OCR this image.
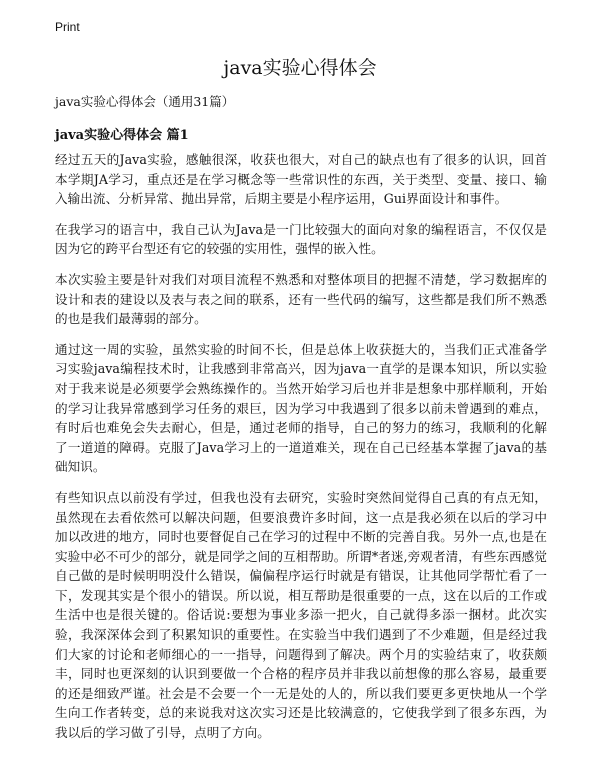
Print
java实验心得体会
java实验心得体会（通用31篇）
java实验心得体会 篇1

经过五天的Java实验，感触很深，收获也很大，对自己的缺点也有了很多的认识，回首本学期JA学习，重点还是在学习概念等一些常识性的东西，关于类型、变量、接口、输入输出流、分析异常、抛出异常，后期主要是小程序运用，Gui界面设计和事件。

在我学习的语言中，我自己认为Java是一门比较强大的面向对象的编程语言，不仅仅是因为它的跨平台型还有它的较强的实用性，强悍的嵌入性。

本次实验主要是针对我们对项目流程不熟悉和对整体项目的把握不清楚，学习数据库的设计和表的建设以及表与表之间的联系，还有一些代码的编写，这些都是我们所不熟悉的也是我们最薄弱的部分。

通过这一周的实验，虽然实验的时间不长，但是总体上收获挺大的，当我们正式准备学习实验java编程技术时，让我感到非常高兴，因为java一直学的是课本知识，所以实验对于我来说是必须要学会熟练操作的。当然开始学习后也并非是想象中那样顺利，开始的学习让我异常感到学习任务的艰巨，因为学习中我遇到了很多以前未曾遇到的难点，有时后也难免会失去耐心，但是，通过老师的指导，自己的努力的练习，我顺利的化解了一道道的障碍。克服了Java学习上的一道道难关，现在自己已经基本掌握了java的基础知识。

有些知识点以前没有学过，但我也没有去研究，实验时突然间觉得自己真的有点无知，虽然现在去看依然可以解决问题，但要浪费许多时间，这一点是我必须在以后的学习中加以改进的地方，同时也要督促自己在学习的过程中不断的完善自我。另外一点,也是在实验中必不可少的部分，就是同学之间的互相帮助。所谓*者迷,旁观者清，有些东西感觉自己做的是时候明明没什么错误，偏偏程序运行时就是有错误，让其他同学帮忙看了一下，发现其实是个很小的错误。所以说，相互帮助是很重要的一点，这在以后的工作或生活中也是很关键的。俗话说:要想为事业多添一把火，自己就得多添一捆材。此次实验，我深深体会到了积累知识的重要性。在实验当中我们遇到了不少难题，但是经过我们大家的讨论和老师细心的一一指导，问题得到了解决。两个月的实验结束了，收获颇丰，同时也更深刻的认识到要做一个合格的程序员并非我以前想像的那么容易，最重要的还是细致严谨。社会是不会要一个一无是处的人的，所以我们要更多更快地从一个学生向工作者转变，总的来说我对这次实习还是比较满意的，它使我学到了很多东西，为我以后的学习做了引导，点明了方向。
